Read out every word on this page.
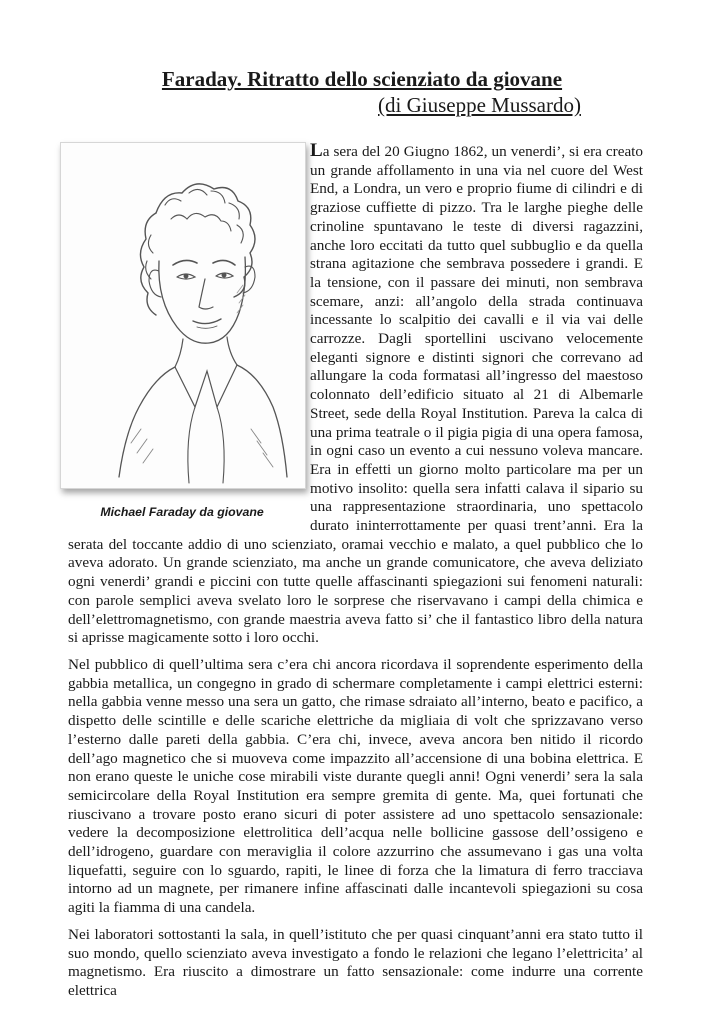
Faraday. Ritratto dello scienziato da giovane
(di Giuseppe Mussardo)
Michael Faraday da giovane

La sera del 20 Giugno 1862, un venerdi’, si era creato un grande affollamento in una via nel cuore del West End, a Londra, un vero e proprio fiume di cilindri e di graziose cuffiette di pizzo. Tra le larghe pieghe delle crinoline spuntavano le teste di diversi ragazzini, anche loro eccitati da tutto quel subbuglio e da quella strana agitazione che sembrava possedere i grandi. E la tensione, con il passare dei minuti, non sembrava scemare, anzi: all’angolo della strada continuava incessante lo scalpitio dei cavalli e il via vai delle carrozze. Dagli sportellini uscivano velocemente eleganti signore e distinti signori che correvano ad allungare la coda formatasi all’ingresso del maestoso colonnato dell’edificio situato al 21 di Albemarle Street, sede della Royal Institution. Pareva la calca di una prima teatrale o il pigia pigia di una opera famosa, in ogni caso un evento a cui nessuno voleva mancare. Era in effetti un giorno molto particolare ma per un motivo insolito: quella sera infatti calava il sipario su una rappresentazione straordinaria, uno spettacolo durato ininterrottamente per quasi trent’anni. Era la serata del toccante addio di uno scienziato, oramai vecchio e malato, a quel pubblico che lo aveva adorato. Un grande scienziato, ma anche un grande comunicatore, che aveva deliziato ogni venerdi’ grandi e piccini con tutte quelle affascinanti spiegazioni sui fenomeni naturali: con parole semplici aveva svelato loro le sorprese che riservavano i campi della chimica e dell’elettromagnetismo, con grande maestria aveva fatto si’ che il fantastico libro della natura si aprisse magicamente sotto i loro occhi.

Nel pubblico di quell’ultima sera c’era chi ancora ricordava il soprendente esperimento della gabbia metallica, un congegno in grado di schermare completamente i campi elettrici esterni: nella gabbia venne messo una sera un gatto, che rimase sdraiato all’interno, beato e pacifico, a dispetto delle scintille e delle scariche elettriche da migliaia di volt che sprizzavano verso l’esterno dalle pareti della gabbia. C’era chi, invece, aveva ancora ben nitido il ricordo dell’ago magnetico che si muoveva come impazzito all’accensione di una bobina elettrica. E non erano queste le uniche cose mirabili viste durante quegli anni! Ogni venerdi’ sera la sala semicircolare della Royal Institution era sempre gremita di gente. Ma, quei fortunati che riuscivano a trovare posto erano sicuri di poter assistere ad uno spettacolo sensazionale: vedere la decomposizione elettrolitica dell’acqua nelle bollicine gassose dell’ossigeno e dell’idrogeno, guardare con meraviglia il colore azzurrino che assumevano i gas una volta liquefatti, seguire con lo sguardo, rapiti, le linee di forza che la limatura di ferro tracciava intorno ad un magnete, per rimanere infine affascinati dalle incantevoli spiegazioni su cosa agiti la fiamma di una candela.

Nei laboratori sottostanti la sala, in quell’istituto che per quasi cinquant’anni era stato tutto il suo mondo, quello scienziato aveva investigato a fondo le relazioni che legano l’elettricita’ al magnetismo. Era riuscito a dimostrare un fatto sensazionale: come indurre una corrente elettrica
